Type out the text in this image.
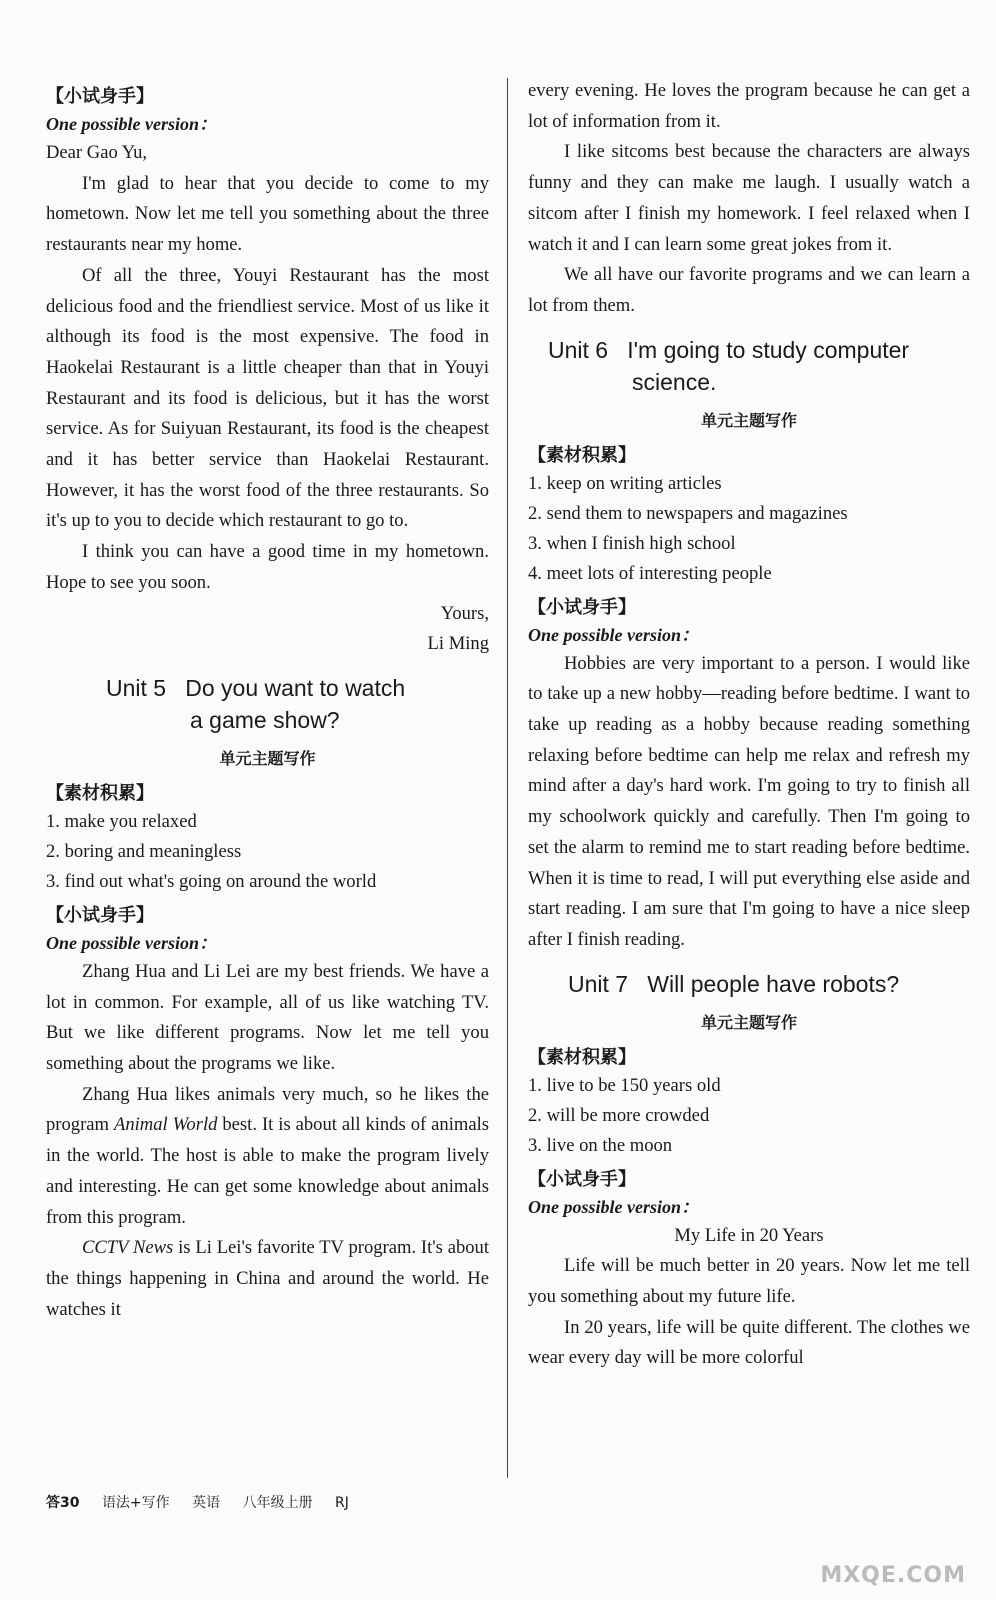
【小试身手】
One possible version：

Dear Gao Yu,

I'm glad to hear that you decide to come to my hometown. Now let me tell you something about the three restaurants near my home.

Of all the three, Youyi Restaurant has the most delicious food and the friendliest service. Most of us like it although its food is the most expensive. The food in Haokelai Restaurant is a little cheaper than that in Youyi Restaurant and its food is delicious, but it has the worst service. As for Suiyuan Restaurant, its food is the cheapest and it has better service than Haokelai Restaurant. However, it has the worst food of the three restaurants. So it's up to you to decide which restaurant to go to.

I think you can have a good time in my hometown. Hope to see you soon.

Yours,
Li Ming
Unit 5 Do you want to watch
a game show?
单元主题写作
【素材积累】
1. make you relaxed
2. boring and meaningless
3. find out what's going on around the world
【小试身手】
One possible version：

Zhang Hua and Li Lei are my best friends. We have a lot in common. For example, all of us like watching TV. But we like different programs. Now let me tell you something about the programs we like.

Zhang Hua likes animals very much, so he likes the program Animal World best. It is about all kinds of animals in the world. The host is able to make the program lively and interesting. He can get some knowledge about animals from this program.

CCTV News is Li Lei's favorite TV program. It's about the things happening in China and around the world. He watches it

every evening. He loves the program because he can get a lot of information from it.

I like sitcoms best because the characters are always funny and they can make me laugh. I usually watch a sitcom after I finish my homework. I feel relaxed when I watch it and I can learn some great jokes from it.

We all have our favorite programs and we can learn a lot from them.

Unit 6 I'm going to study computer
science.
单元主题写作
【素材积累】
1. keep on writing articles
2. send them to newspapers and magazines
3. when I finish high school
4. meet lots of interesting people
【小试身手】
One possible version：

Hobbies are very important to a person. I would like to take up a new hobby—reading before bedtime. I want to take up reading as a hobby because reading something relaxing before bedtime can help me relax and refresh my mind after a day's hard work. I'm going to try to finish all my schoolwork quickly and carefully. Then I'm going to set the alarm to remind me to start reading before bedtime. When it is time to read, I will put everything else aside and start reading. I am sure that I'm going to have a nice sleep after I finish reading.

Unit 7 Will people have robots?
单元主题写作
【素材积累】
1. live to be 150 years old
2. will be more crowded
3. live on the moon
【小试身手】
One possible version：
My Life in 20 Years

Life will be much better in 20 years. Now let me tell you something about my future life.

In 20 years, life will be quite different. The clothes we wear every day will be more colorful

答30 语法+写作 英语 八年级上册 RJ
MXQE.COM
